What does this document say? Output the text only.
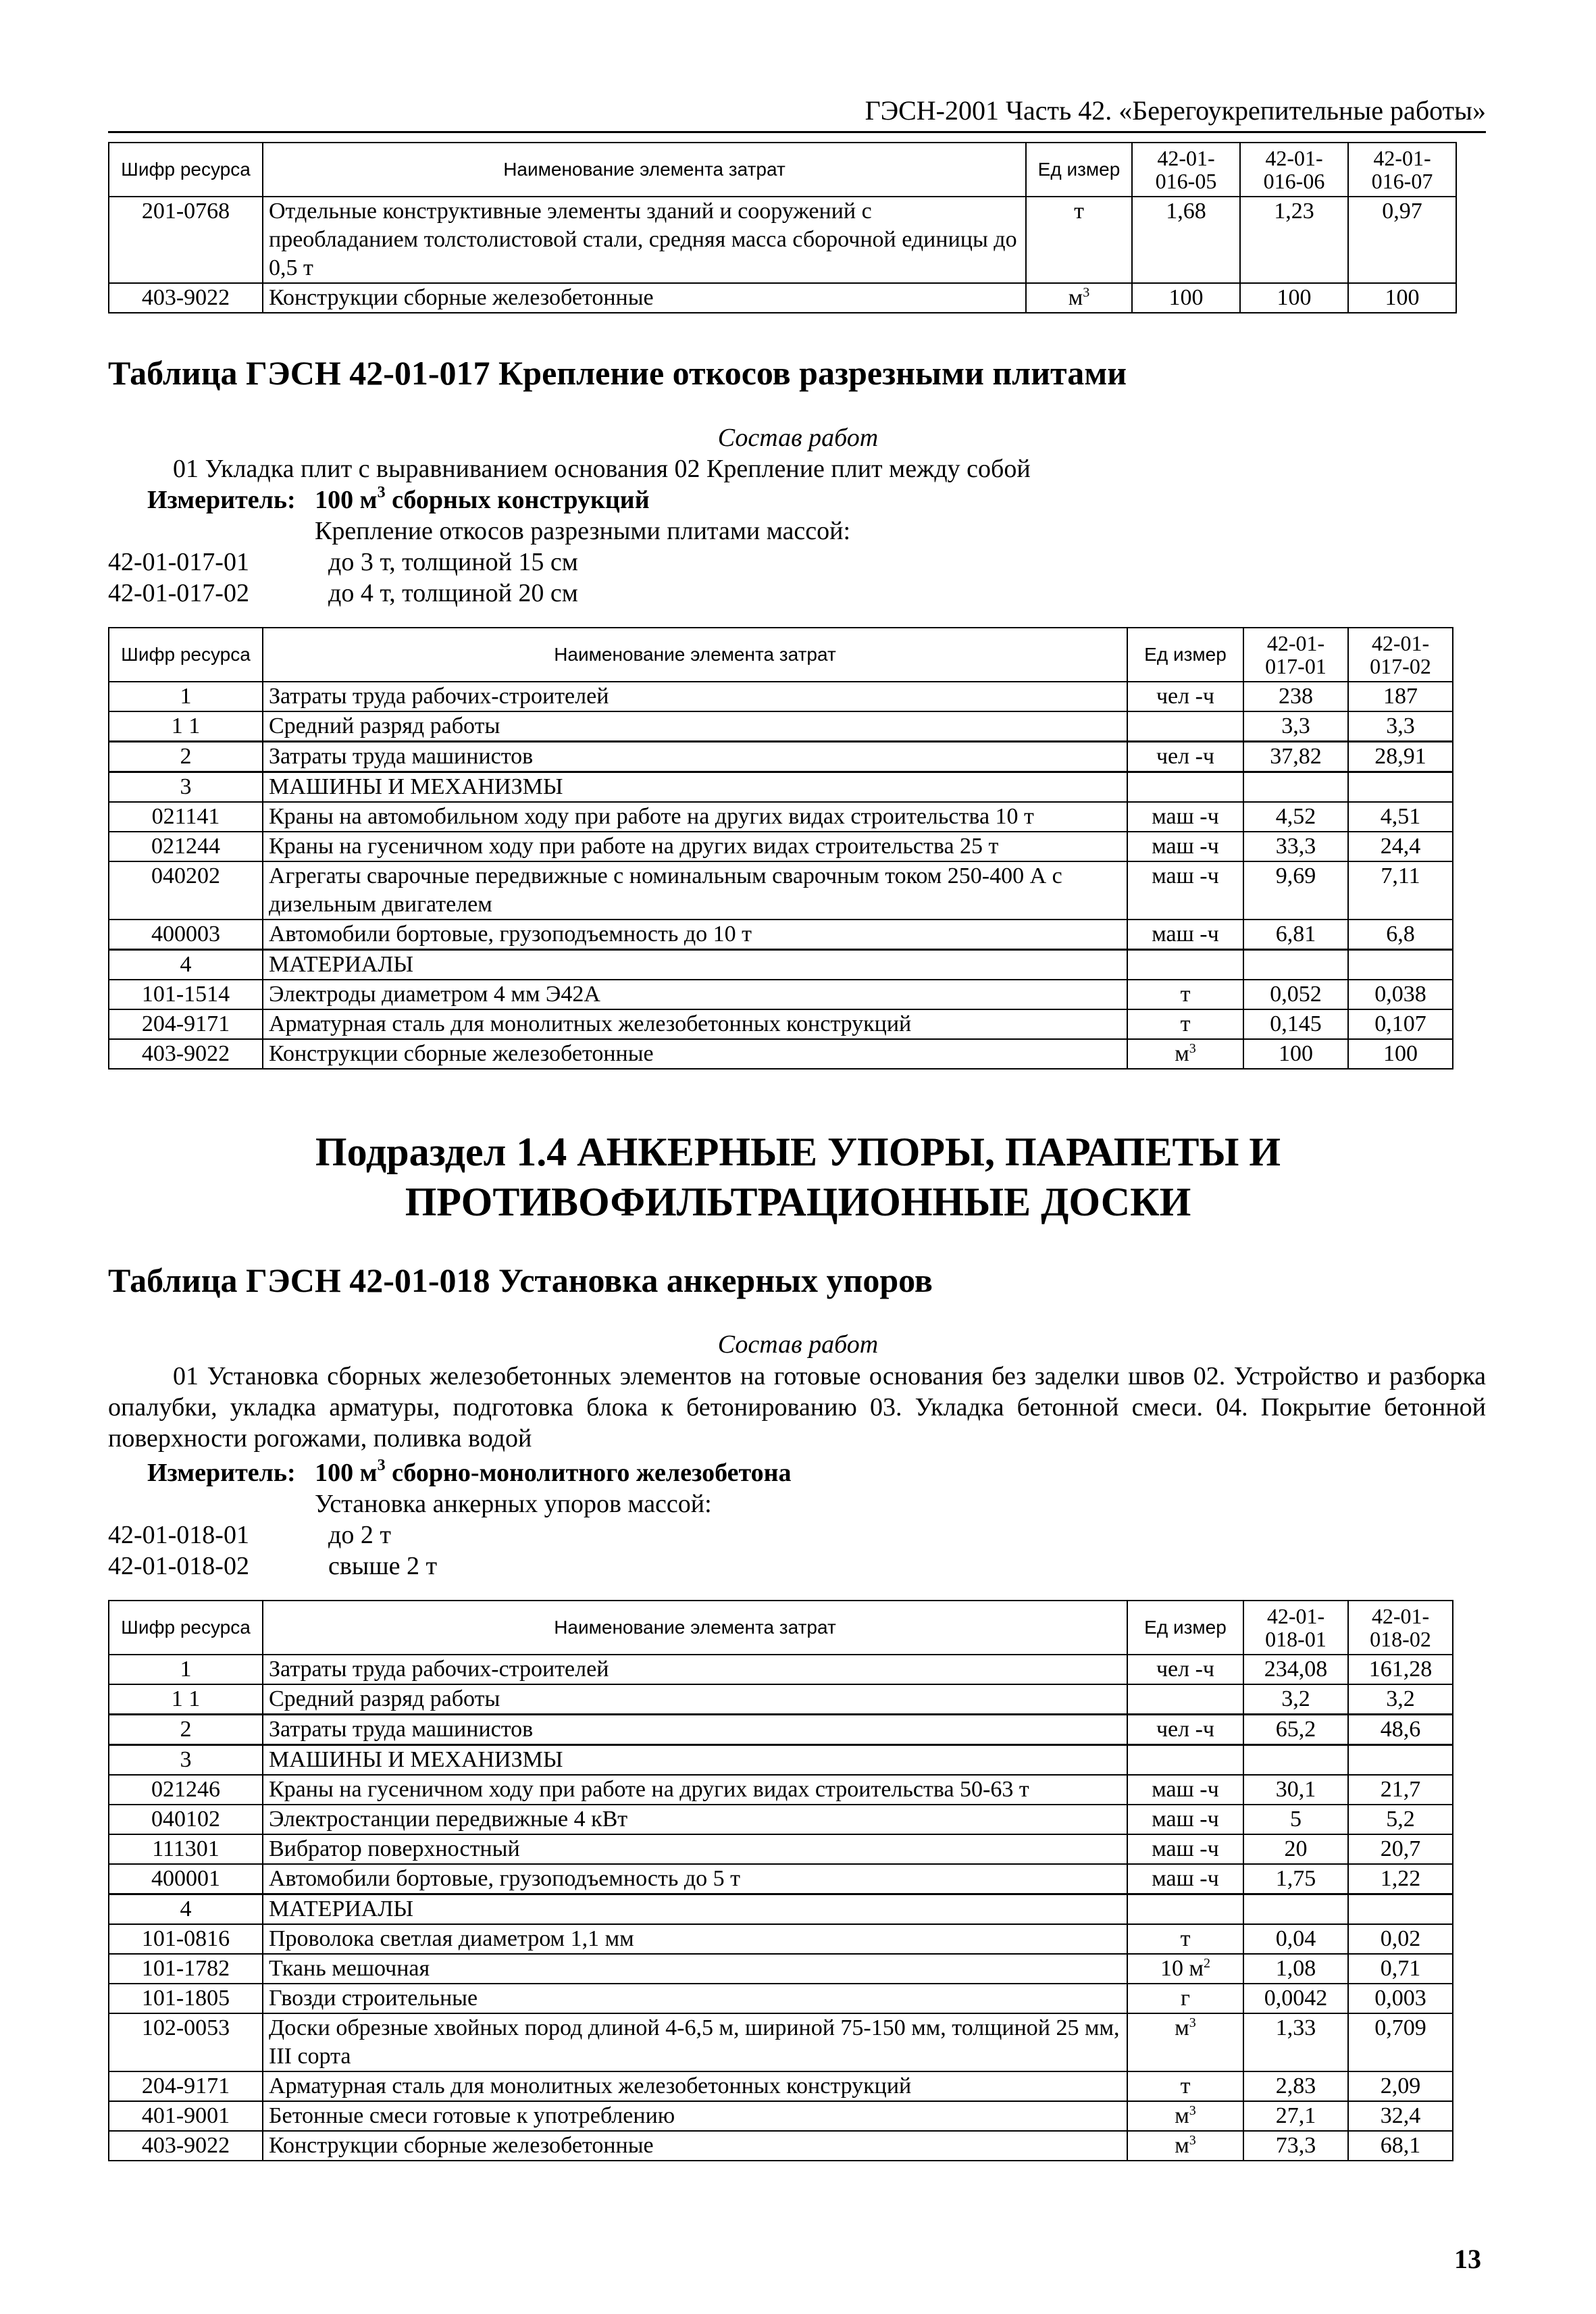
ГЭСН-2001 Часть 42. «Берегоукрепительные работы»
Шифр ресурса	Наименование элемента затрат	Ед измер	42-01-016-05	42-01-016-06	42-01-016-07
201-0768	Отдельные конструктивные элементы зданий и сооружений с преобладанием толстолистовой стали, средняя масса сборочной единицы до 0,5 т	т	1,68	1,23	0,97
403-9022	Конструкции сборные железобетонные	$м^3$	100	100	100
Таблица ГЭСН 42-01-017 Крепление откосов разрезными плитами
Состав работ
01 Укладка плит с выравниванием основания 02 Крепление плит между собой
Измеритель: 100 $м^3$ сборных конструкций
Крепление откосов разрезными плитами массой:
42-01-017-01	до 3 т, толщиной 15 см
42-01-017-02	до 4 т, толщиной 20 см
Шифр ресурса	Наименование элемента затрат	Ед измер	42-01-017-01	42-01-017-02
1	Затраты труда рабочих-строителей	чел -ч	238	187
1 1	Средний разряд работы		3,3	3,3
2	Затраты труда машинистов	чел -ч	37,82	28,91
3	МАШИНЫ И МЕХАНИЗМЫ			
021141	Краны на автомобильном ходу при работе на других видах строительства 10 т	маш -ч	4,52	4,51
021244	Краны на гусеничном ходу при работе на других видах строительства 25 т	маш -ч	33,3	24,4
040202	Агрегаты сварочные передвижные с номинальным сварочным током 250-400 А с дизельным двигателем	маш -ч	9,69	7,11
400003	Автомобили бортовые, грузоподъемность до 10 т	маш -ч	6,81	6,8
4	МАТЕРИАЛЫ			
101-1514	Электроды диаметром 4 мм Э42А	т	0,052	0,038
204-9171	Арматурная сталь для монолитных железобетонных конструкций	т	0,145	0,107
403-9022	Конструкции сборные железобетонные	$м^3$	100	100
Подраздел 1.4 АНКЕРНЫЕ УПОРЫ, ПАРАПЕТЫ И
ПРОТИВОФИЛЬТРАЦИОННЫЕ ДОСКИ
Таблица ГЭСН 42-01-018 Установка анкерных упоров
Состав работ
01 Установка сборных железобетонных элементов на готовые основания без заделки швов 02. Устройство и разборка опалубки, укладка арматуры, подготовка блока к бетонированию 03. Укладка бетонной смеси. 04. Покрытие бетонной поверхности рогожами, поливка водой
Измеритель: 100 $м^3$ сборно-монолитного железобетона
Установка анкерных упоров массой:
42-01-018-01	до 2 т
42-01-018-02	свыше 2 т
Шифр ресурса	Наименование элемента затрат	Ед измер	42-01-018-01	42-01-018-02
1	Затраты труда рабочих-строителей	чел -ч	234,08	161,28
1 1	Средний разряд работы		3,2	3,2
2	Затраты труда машинистов	чел -ч	65,2	48,6
3	МАШИНЫ И МЕХАНИЗМЫ			
021246	Краны на гусеничном ходу при работе на других видах строительства 50-63 т	маш -ч	30,1	21,7
040102	Электростанции передвижные 4 кВт	маш -ч	5	5,2
111301	Вибратор поверхностный	маш -ч	20	20,7
400001	Автомобили бортовые, грузоподъемность до 5 т	маш -ч	1,75	1,22
4	МАТЕРИАЛЫ			
101-0816	Проволока светлая диаметром 1,1 мм	т	0,04	0,02
101-1782	Ткань мешочная	10 $м^2$	1,08	0,71
101-1805	Гвозди строительные	г	0,0042	0,003
102-0053	Доски обрезные хвойных пород длиной 4-6,5 м, шириной 75-150 мм, толщиной 25 мм, III сорта	$м^3$	1,33	0,709
204-9171	Арматурная сталь для монолитных железобетонных конструкций	т	2,83	2,09
401-9001	Бетонные смеси готовые к употреблению	$м^3$	27,1	32,4
403-9022	Конструкции сборные железобетонные	$м^3$	73,3	68,1
13
